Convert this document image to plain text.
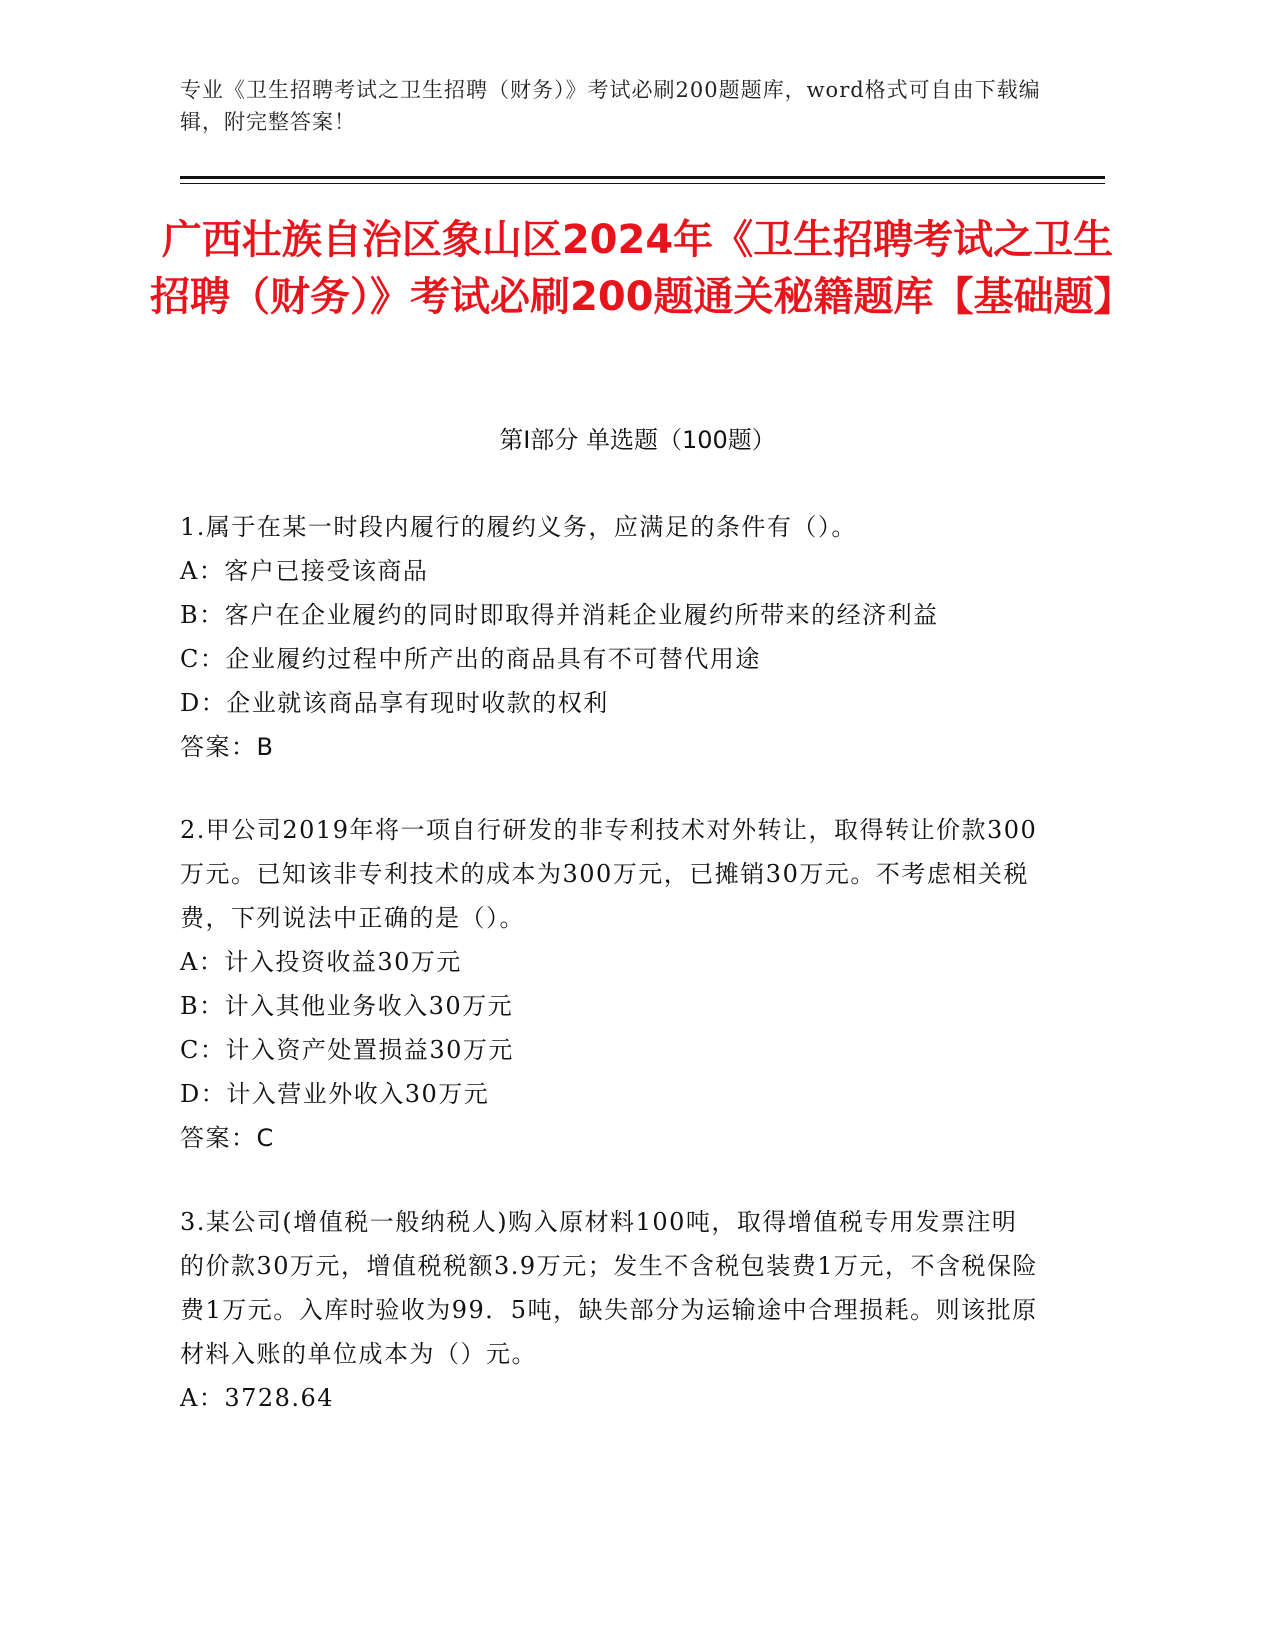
专业《卫生招聘考试之卫生招聘（财务）》考试必刷200题题库，word格式可自由下载编辑，附完整答案！
广西壮族自治区象山区2024年《卫生招聘考试之卫生招聘（财务）》考试必刷200题通关秘籍题库【基础题】
第Ⅰ部分 单选题（100题）
1.属于在某一时段内履行的履约义务，应满足的条件有（）。
A：客户已接受该商品
B：客户在企业履约的同时即取得并消耗企业履约所带来的经济利益
C：企业履约过程中所产出的商品具有不可替代用途
D：企业就该商品享有现时收款的权利
答案：B
2.甲公司2019年将一项自行研发的非专利技术对外转让，取得转让价款300万元。已知该非专利技术的成本为300万元，已摊销30万元。不考虑相关税费，下列说法中正确的是（）。
A：计入投资收益30万元
B：计入其他业务收入30万元
C：计入资产处置损益30万元
D：计入营业外收入30万元
答案：C
3.某公司(增值税一般纳税人)购入原材料100吨，取得增值税专用发票注明的价款30万元，增值税税额3.9万元；发生不含税包装费1万元，不含税保险费1万元。入库时验收为99．5吨，缺失部分为运输途中合理损耗。则该批原材料入账的单位成本为（）元。
A：3728.64
